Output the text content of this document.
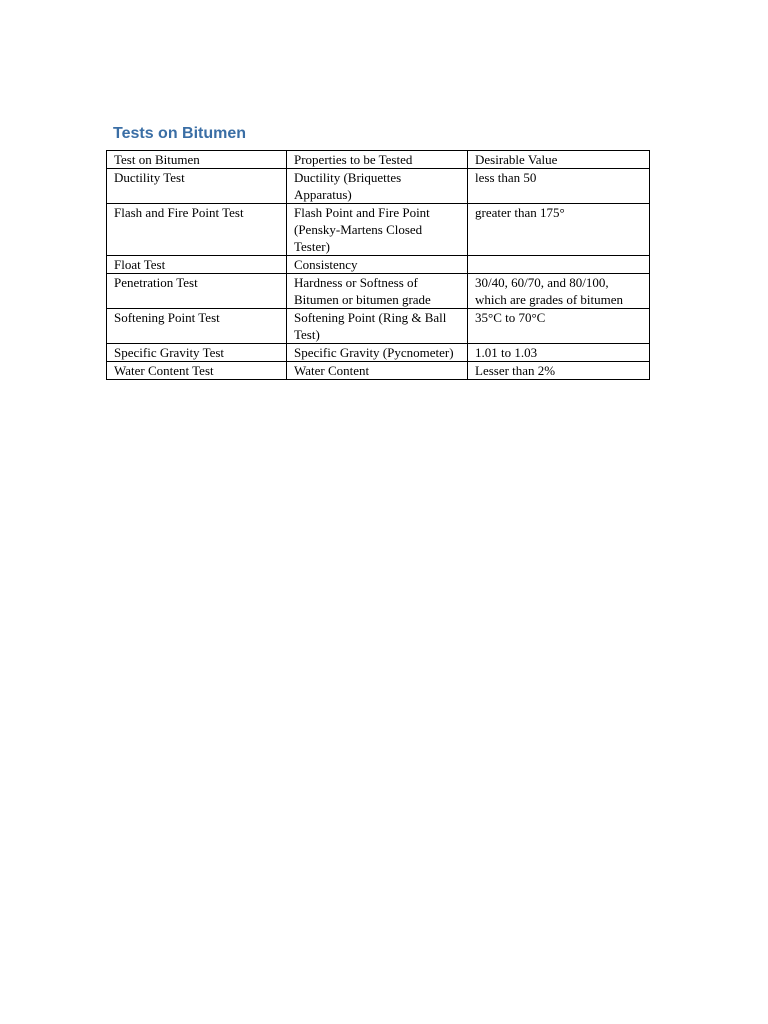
Tests on Bitumen
Test on Bitumen	Properties to be Tested	Desirable Value
Ductility Test	Ductility (Briquettes Apparatus)	less than 50
Flash and Fire Point Test	Flash Point and Fire Point (Pensky-Martens Closed Tester)	greater than 175°
Float Test	Consistency	
Penetration Test	Hardness or Softness of Bitumen or bitumen grade	30/40, 60/70, and 80/100, which are grades of bitumen
Softening Point Test	Softening Point (Ring & Ball Test)	35°C to 70°C
Specific Gravity Test	Specific Gravity (Pycnometer)	1.01 to 1.03
Water Content Test	Water Content	Lesser than 2%
